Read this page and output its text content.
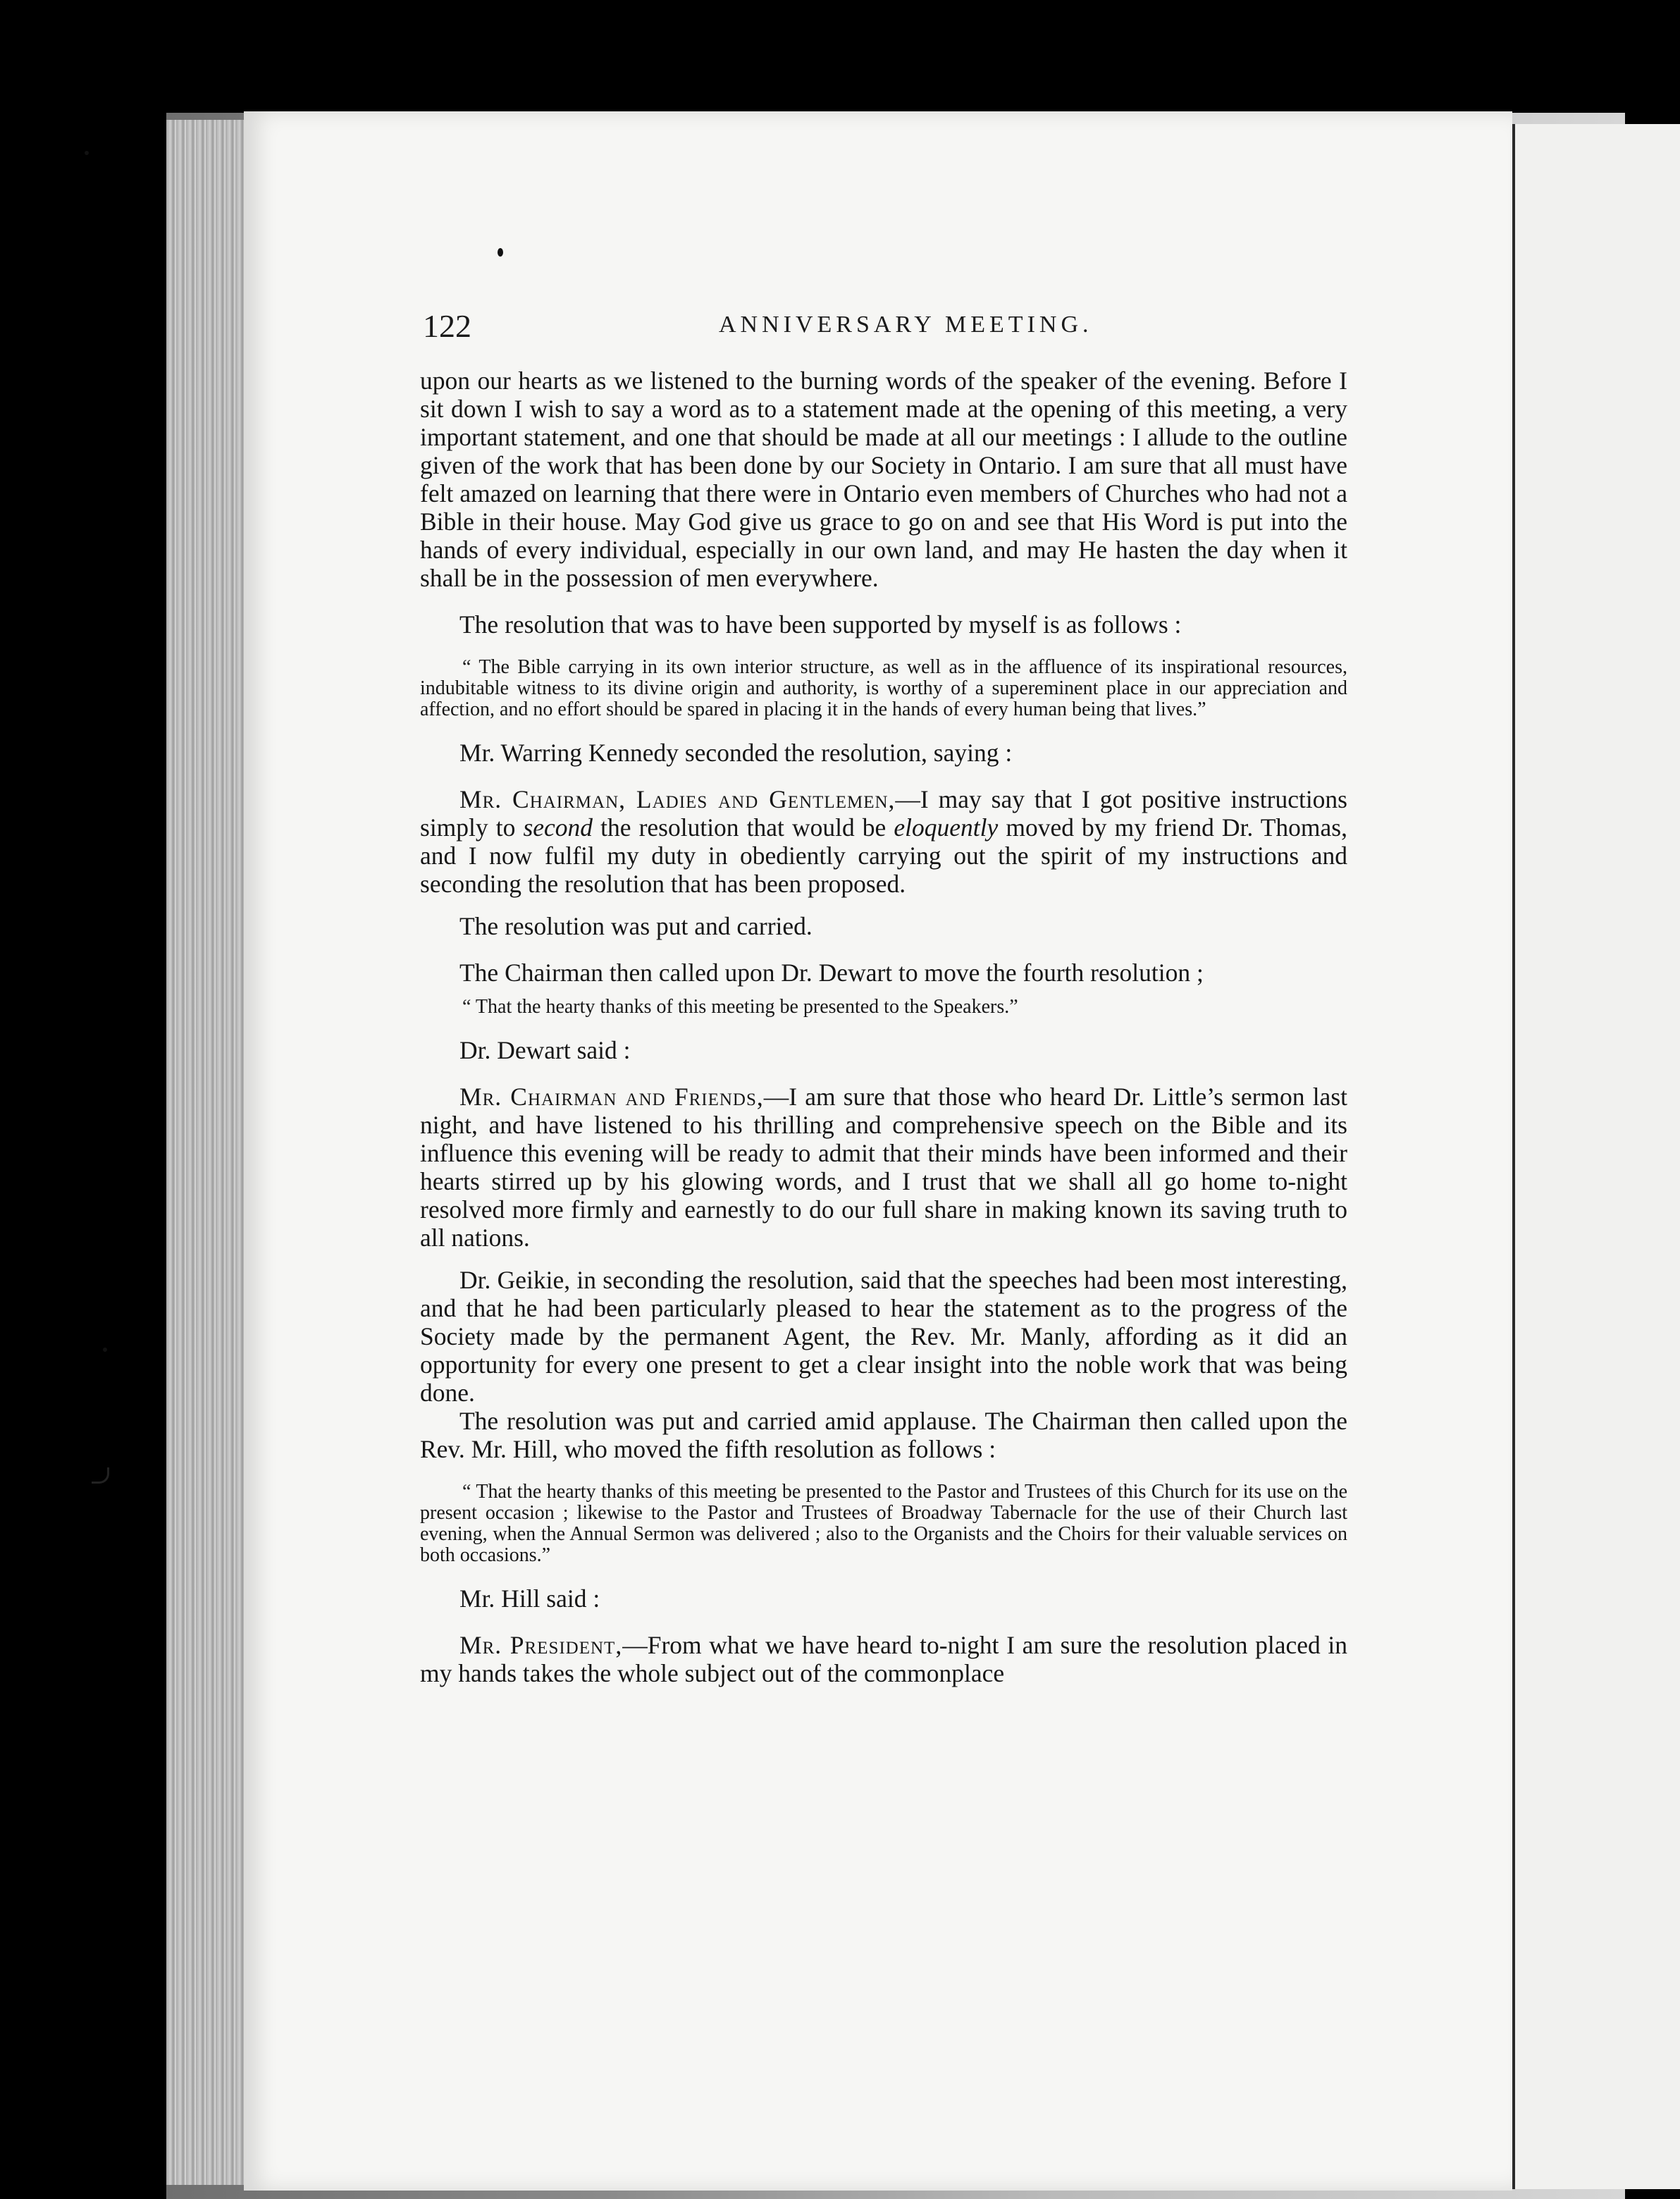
122	ANNIVERSARY MEETING.

upon our hearts as we listened to the burning words of the speaker of the evening. Before I sit down I wish to say a word as to a statement made at the opening of this meeting, a very important statement, and one that should be made at all our meetings : I allude to the outline given of the work that has been done by our Society in Ontario. I am sure that all must have felt amazed on learning that there were in Ontario even members of Churches who had not a Bible in their house. May God give us grace to go on and see that His Word is put into the hands of every individual, especially in our own land, and may He hasten the day when it shall be in the possession of men everywhere.

The resolution that was to have been supported by myself is as follows :

“ The Bible carrying in its own interior structure, as well as in the affluence of its inspirational resources, indubitable witness to its divine origin and authority, is worthy of a supereminent place in our appreciation and affection, and no effort should be spared in placing it in the hands of every human being that lives.”

Mr. Warring Kennedy seconded the resolution, saying :

Mr. Chairman, Ladies and Gentlemen,—I may say that I got positive instructions simply to second the resolution that would be eloquently moved by my friend Dr. Thomas, and I now fulfil my duty in obediently carrying out the spirit of my instructions and seconding the resolution that has been proposed.

The resolution was put and carried.

The Chairman then called upon Dr. Dewart to move the fourth resolution ;

“ That the hearty thanks of this meeting be presented to the Speakers.”

Dr. Dewart said :

Mr. Chairman and Friends,—I am sure that those who heard Dr. Little’s sermon last night, and have listened to his thrilling and comprehensive speech on the Bible and its influence this evening will be ready to admit that their minds have been informed and their hearts stirred up by his glowing words, and I trust that we shall all go home to-night resolved more firmly and earnestly to do our full share in making known its saving truth to all nations.

Dr. Geikie, in seconding the resolution, said that the speeches had been most interesting, and that he had been particularly pleased to hear the statement as to the progress of the Society made by the permanent Agent, the Rev. Mr. Manly, affording as it did an opportunity for every one present to get a clear insight into the noble work that was being done.

The resolution was put and carried amid applause. The Chairman then called upon the Rev. Mr. Hill, who moved the fifth resolution as follows :

“ That the hearty thanks of this meeting be presented to the Pastor and Trustees of this Church for its use on the present occasion ; likewise to the Pastor and Trustees of Broadway Tabernacle for the use of their Church last evening, when the Annual Sermon was delivered ; also to the Organists and the Choirs for their valuable services on both occasions.”

Mr. Hill said :

Mr. President,—From what we have heard to-night I am sure the resolution placed in my hands takes the whole subject out of the commonplace
